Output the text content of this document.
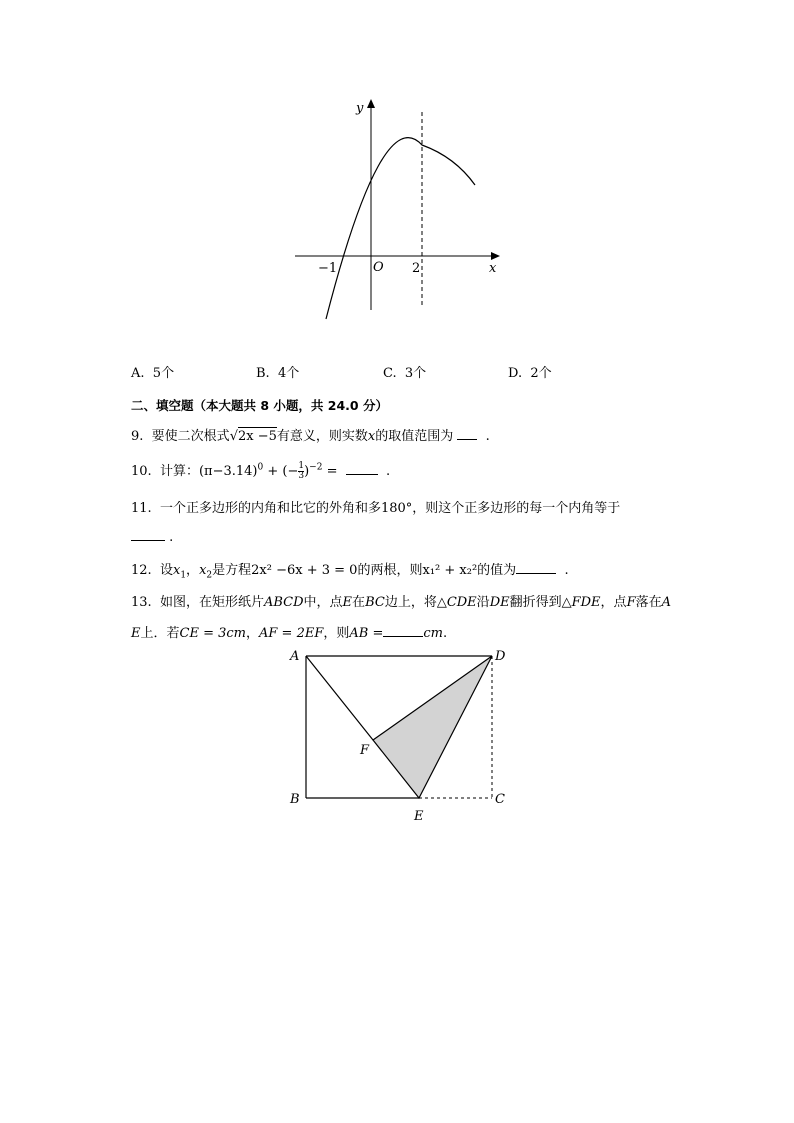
y
x
O
−1	2
A. 5个	B. 4个	C. 3个	D. 2个
二、填空题（本大题共 8 小题，共 24.0 分）
9. 要使二次根式√2x −5有意义，则实数x的取值范围为 .
10. 计算：$(\pi-3.14)^0$ + (− $\frac{1}{3} )^{-2}$ =	.
11. 一个正多边形的内角和比它的外角和多180°，则这个正多边形的每一个内角等于
.
12. 设$x_1$，$x_2$是方程2x² −6x + 3 = 0的两根，则x₁² + x₂²的值为	.
13. 如图，在矩形纸片ABCD中，点E在BC边上，将△CDE沿DE翻折得到△FDE，点F落在A
E上．若CE = 3cm，AF = 2EF，则AB =	cm.
A	D
B	C
E
F
